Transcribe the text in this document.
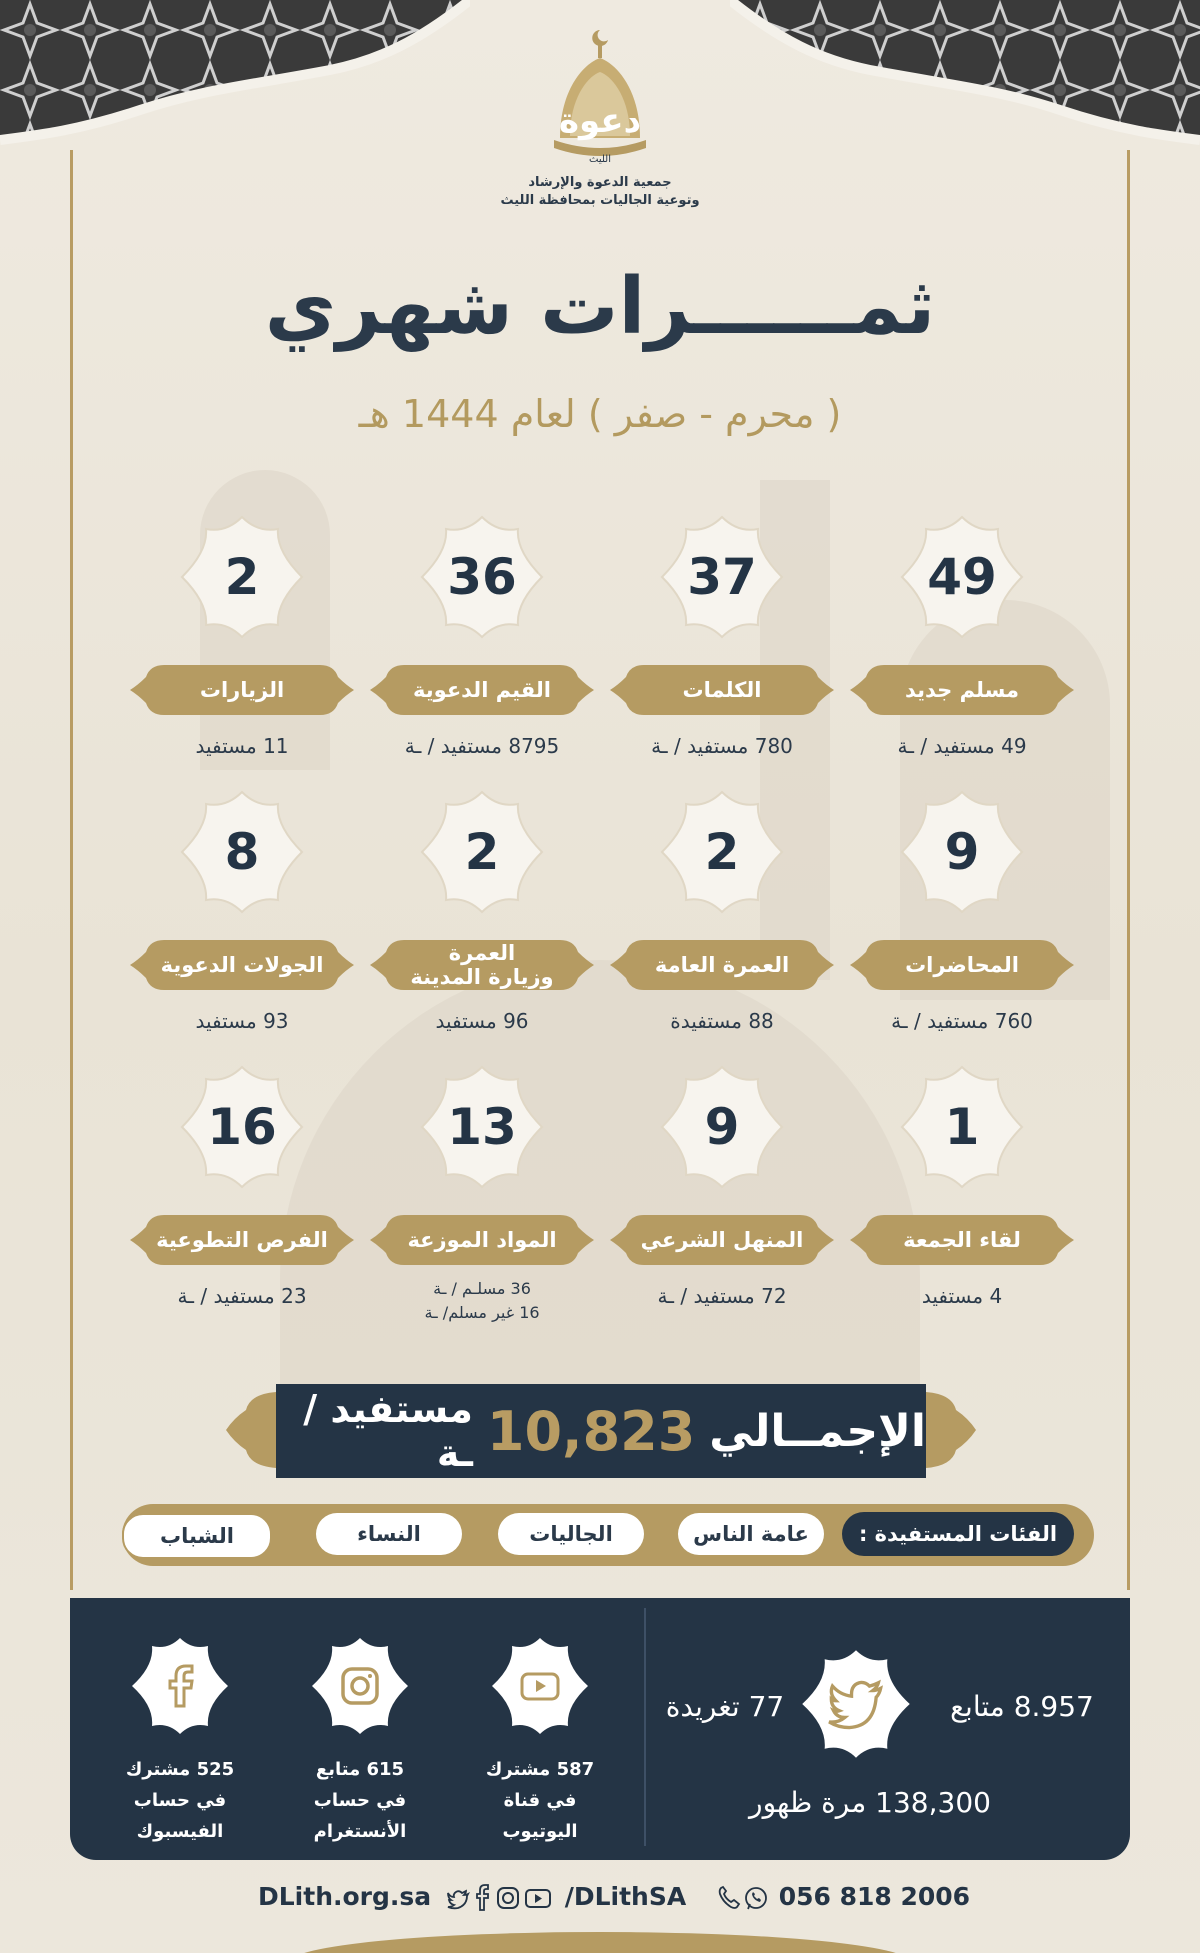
دعوة
الليث
جمعية الدعوة والإرشاد
وتوعية الجاليات بمحافظة الليث
ثمــــــرات شهري
( محرم - صفر ) لعام 1444 هـ
49
مسلم جديد
49 مستفيد / ـة
37
الكلمات
780 مستفيد / ـة
36
القيم الدعوية
8795 مستفيد / ـة
2
الزيارات
11 مستفيد
9
المحاضرات
760 مستفيد / ـة
2
العمرة العامة
88 مستفيدة
2
العمرة
وزيارة المدينة
96 مستفيد
8
الجولات الدعوية
93 مستفيد
1
لقاء الجمعة
4 مستفيد
9
المنهل الشرعي
72 مستفيد / ـة
13
المواد الموزعة
36 مسلـم / ـة
16 غير مسلم/ ـة
16
الفرص التطوعية
23 مستفيد / ـة
الإجمــالي
10,823
مستفيد / ـة
الفئات المستفيدة :
عامة الناس
الجاليات
النساء
الشباب
587 مشترك
في قناة
اليوتيوب
615 متابع
في حساب
الأنستغرام
525 مشترك
في حساب
الفيسبوك
8.957 متابع
77 تغريدة
138,300 مرة ظهور
DLith.org.sa	/DLithSA	056 818 2006
